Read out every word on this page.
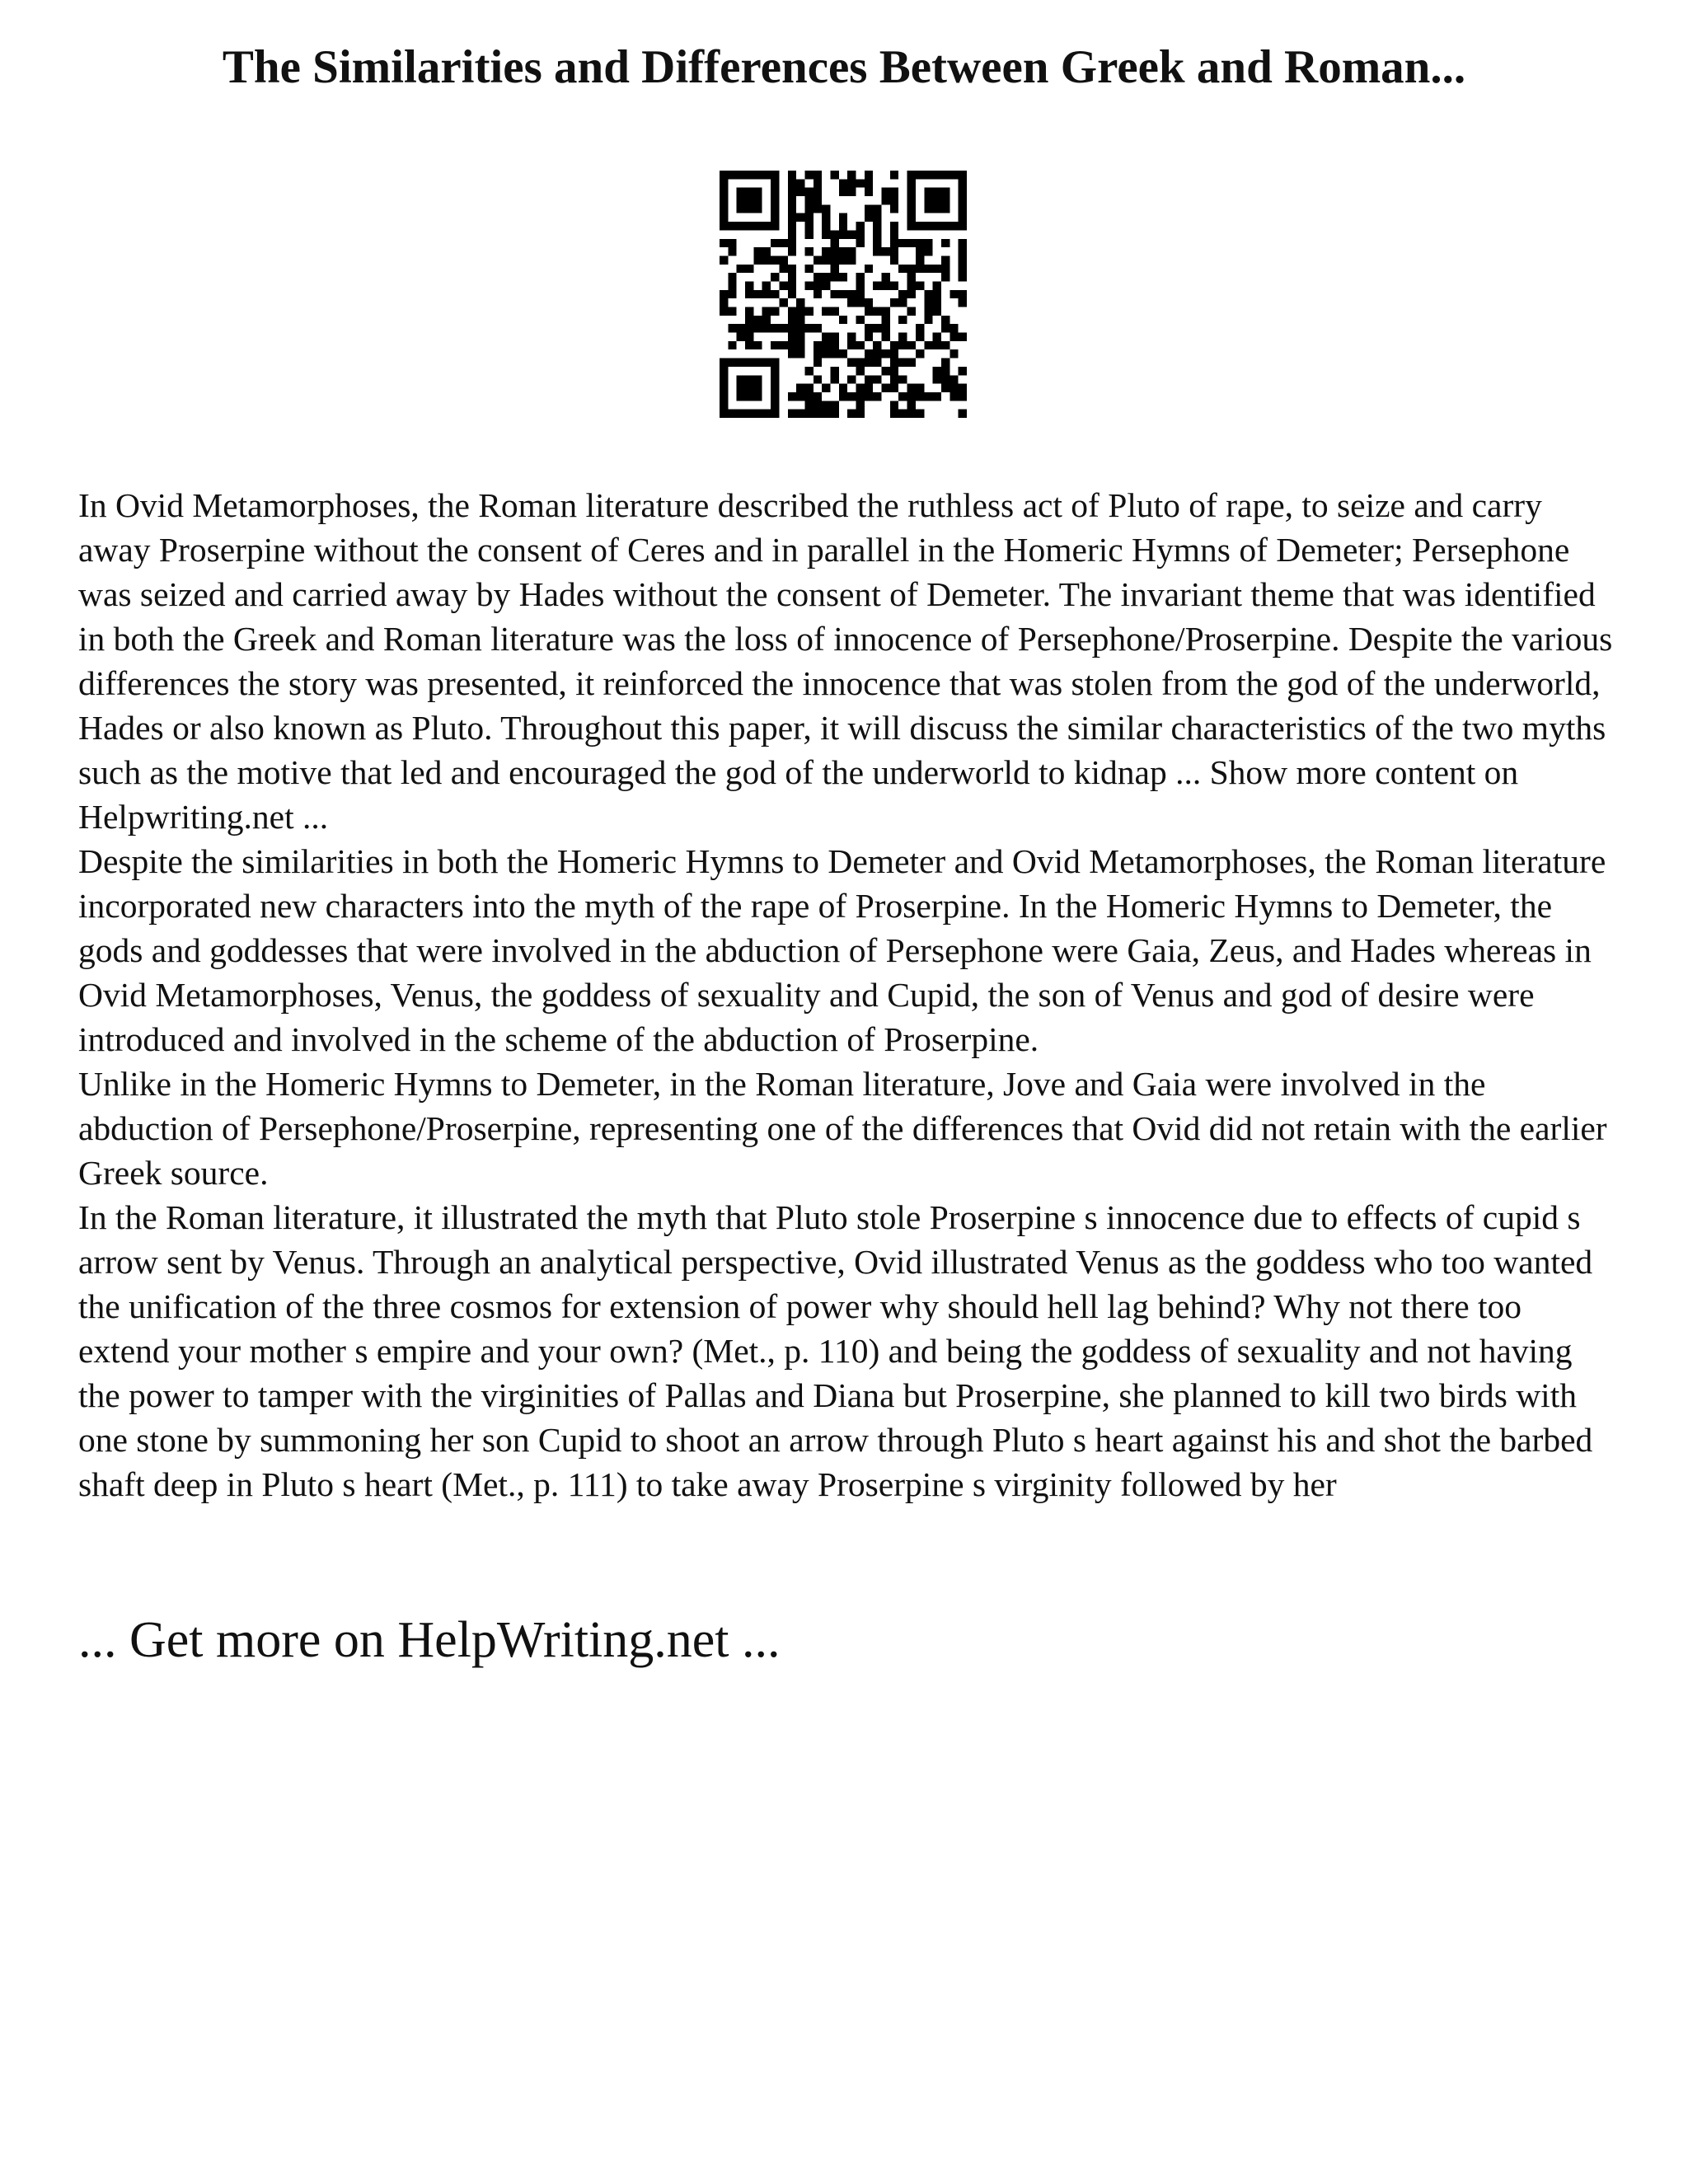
The Similarities and Differences Between Greek and Roman...

In Ovid Metamorphoses, the Roman literature described the ruthless act of Pluto of rape, to seize and carry away Proserpine without the consent of Ceres and in parallel in the Homeric Hymns of Demeter; Persephone was seized and carried away by Hades without the consent of Demeter. The invariant theme that was identified in both the Greek and Roman literature was the loss of innocence of Persephone/Proserpine. Despite the various differences the story was presented, it reinforced the innocence that was stolen from the god of the underworld, Hades or also known as Pluto. Throughout this paper, it will discuss the similar characteristics of the two myths such as the motive that led and encouraged the god of the underworld to kidnap ... Show more content on Helpwriting.net ...

Despite the similarities in both the Homeric Hymns to Demeter and Ovid Metamorphoses, the Roman literature incorporated new characters into the myth of the rape of Proserpine. In the Homeric Hymns to Demeter, the gods and goddesses that were involved in the abduction of Persephone were Gaia, Zeus, and Hades whereas in Ovid Metamorphoses, Venus, the goddess of sexuality and Cupid, the son of Venus and god of desire were introduced and involved in the scheme of the abduction of Proserpine.

Unlike in the Homeric Hymns to Demeter, in the Roman literature, Jove and Gaia were involved in the abduction of Persephone/Proserpine, representing one of the differences that Ovid did not retain with the earlier Greek source.

In the Roman literature, it illustrated the myth that Pluto stole Proserpine s innocence due to effects of cupid s arrow sent by Venus. Through an analytical perspective, Ovid illustrated Venus as the goddess who too wanted the unification of the three cosmos for extension of power why should hell lag behind? Why not there too extend your mother s empire and your own? (Met., p. 110) and being the goddess of sexuality and not having the power to tamper with the virginities of Pallas and Diana but Proserpine, she planned to kill two birds with one stone by summoning her son Cupid to shoot an arrow through Pluto s heart against his and shot the barbed shaft deep in Pluto s heart (Met., p. 111) to take away Proserpine s virginity followed by her

... Get more on HelpWriting.net ...
